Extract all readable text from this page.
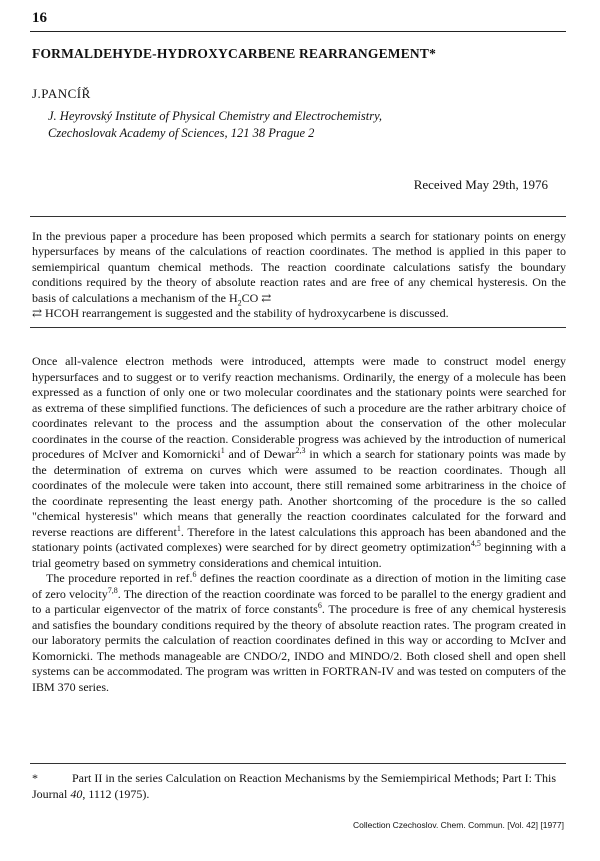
16
FORMALDEHYDE-HYDROXYCARBENE REARRANGEMENT*
J.PANCÍŘ
J. Heyrovský Institute of Physical Chemistry and Electrochemistry,
Czechoslovak Academy of Sciences, 121 38 Prague 2
Received May 29th, 1976

In the previous paper a procedure has been proposed which permits a search for stationary points on energy hypersurfaces by means of the calculations of reaction coordinates. The method is applied in this paper to semiempirical quantum chemical methods. The reaction coordinate calculations satisfy the boundary conditions required by the theory of absolute reaction rates and are free of any chemical hysteresis. On the basis of calculations a mechanism of the $H_2CO$ ⇄
⇄ HCOH rearrangement is suggested and the stability of hydroxycarbene is discussed.

Once all-valence electron methods were introduced, attempts were made to construct model energy hypersurfaces and to suggest or to verify reaction mechanisms. Ordinarily, the energy of a molecule has been expressed as a function of only one or two molecular coordinates and the stationary points were searched for as extrema of these simplified functions. The deficiences of such a procedure are the rather arbitrary choice of coordinates relevant to the process and the assumption about the conservation of the other molecular coordinates in the course of the reaction. Considerable progress was achieved by the introduction of numerical procedures of McIver and Komornicki$^1$ and of Dewar$^{2,3}$ in which a search for stationary points was made by the determination of extrema on curves which were assumed to be reaction coordinates. Though all coordinates of the molecule were taken into account, there still remained some arbitrariness in the choice of the coordinate representing the least energy path. Another shortcoming of the procedure is the so called "chemical hysteresis" which means that generally the reaction coordinates calculated for the forward and reverse reactions are different$^1$. Therefore in the latest calculations this approach has been abandoned and the stationary points (activated complexes) were searched for by direct geometry optimization$^{4,5}$ beginning with a trial geometry based on symmetry considerations and chemical intuition.

The procedure reported in ref.$^6$ defines the reaction coordinate as a direction of motion in the limiting case of zero velocity$^{7,8}$. The direction of the reaction coordinate was forced to be parallel to the energy gradient and to a particular eigenvector of the matrix of force constants$^6$. The procedure is free of any chemical hysteresis and satisfies the boundary conditions required by the theory of absolute reaction rates. The program created in our laboratory permits the calculation of reaction coordinates defined in this way or according to McIver and Komornicki. The methods manageable are CNDO/2, INDO and MINDO/2. Both closed shell and open shell systems can be accommodated. The program was written in FORTRAN-IV and was tested on computers of the IBM 370 series.

*	Part II in the series Calculation on Reaction Mechanisms by the Semiempirical Methods; Part I: This Journal 40, 1112 (1975).
Collection Czechoslov. Chem. Commun. [Vol. 42] [1977]
